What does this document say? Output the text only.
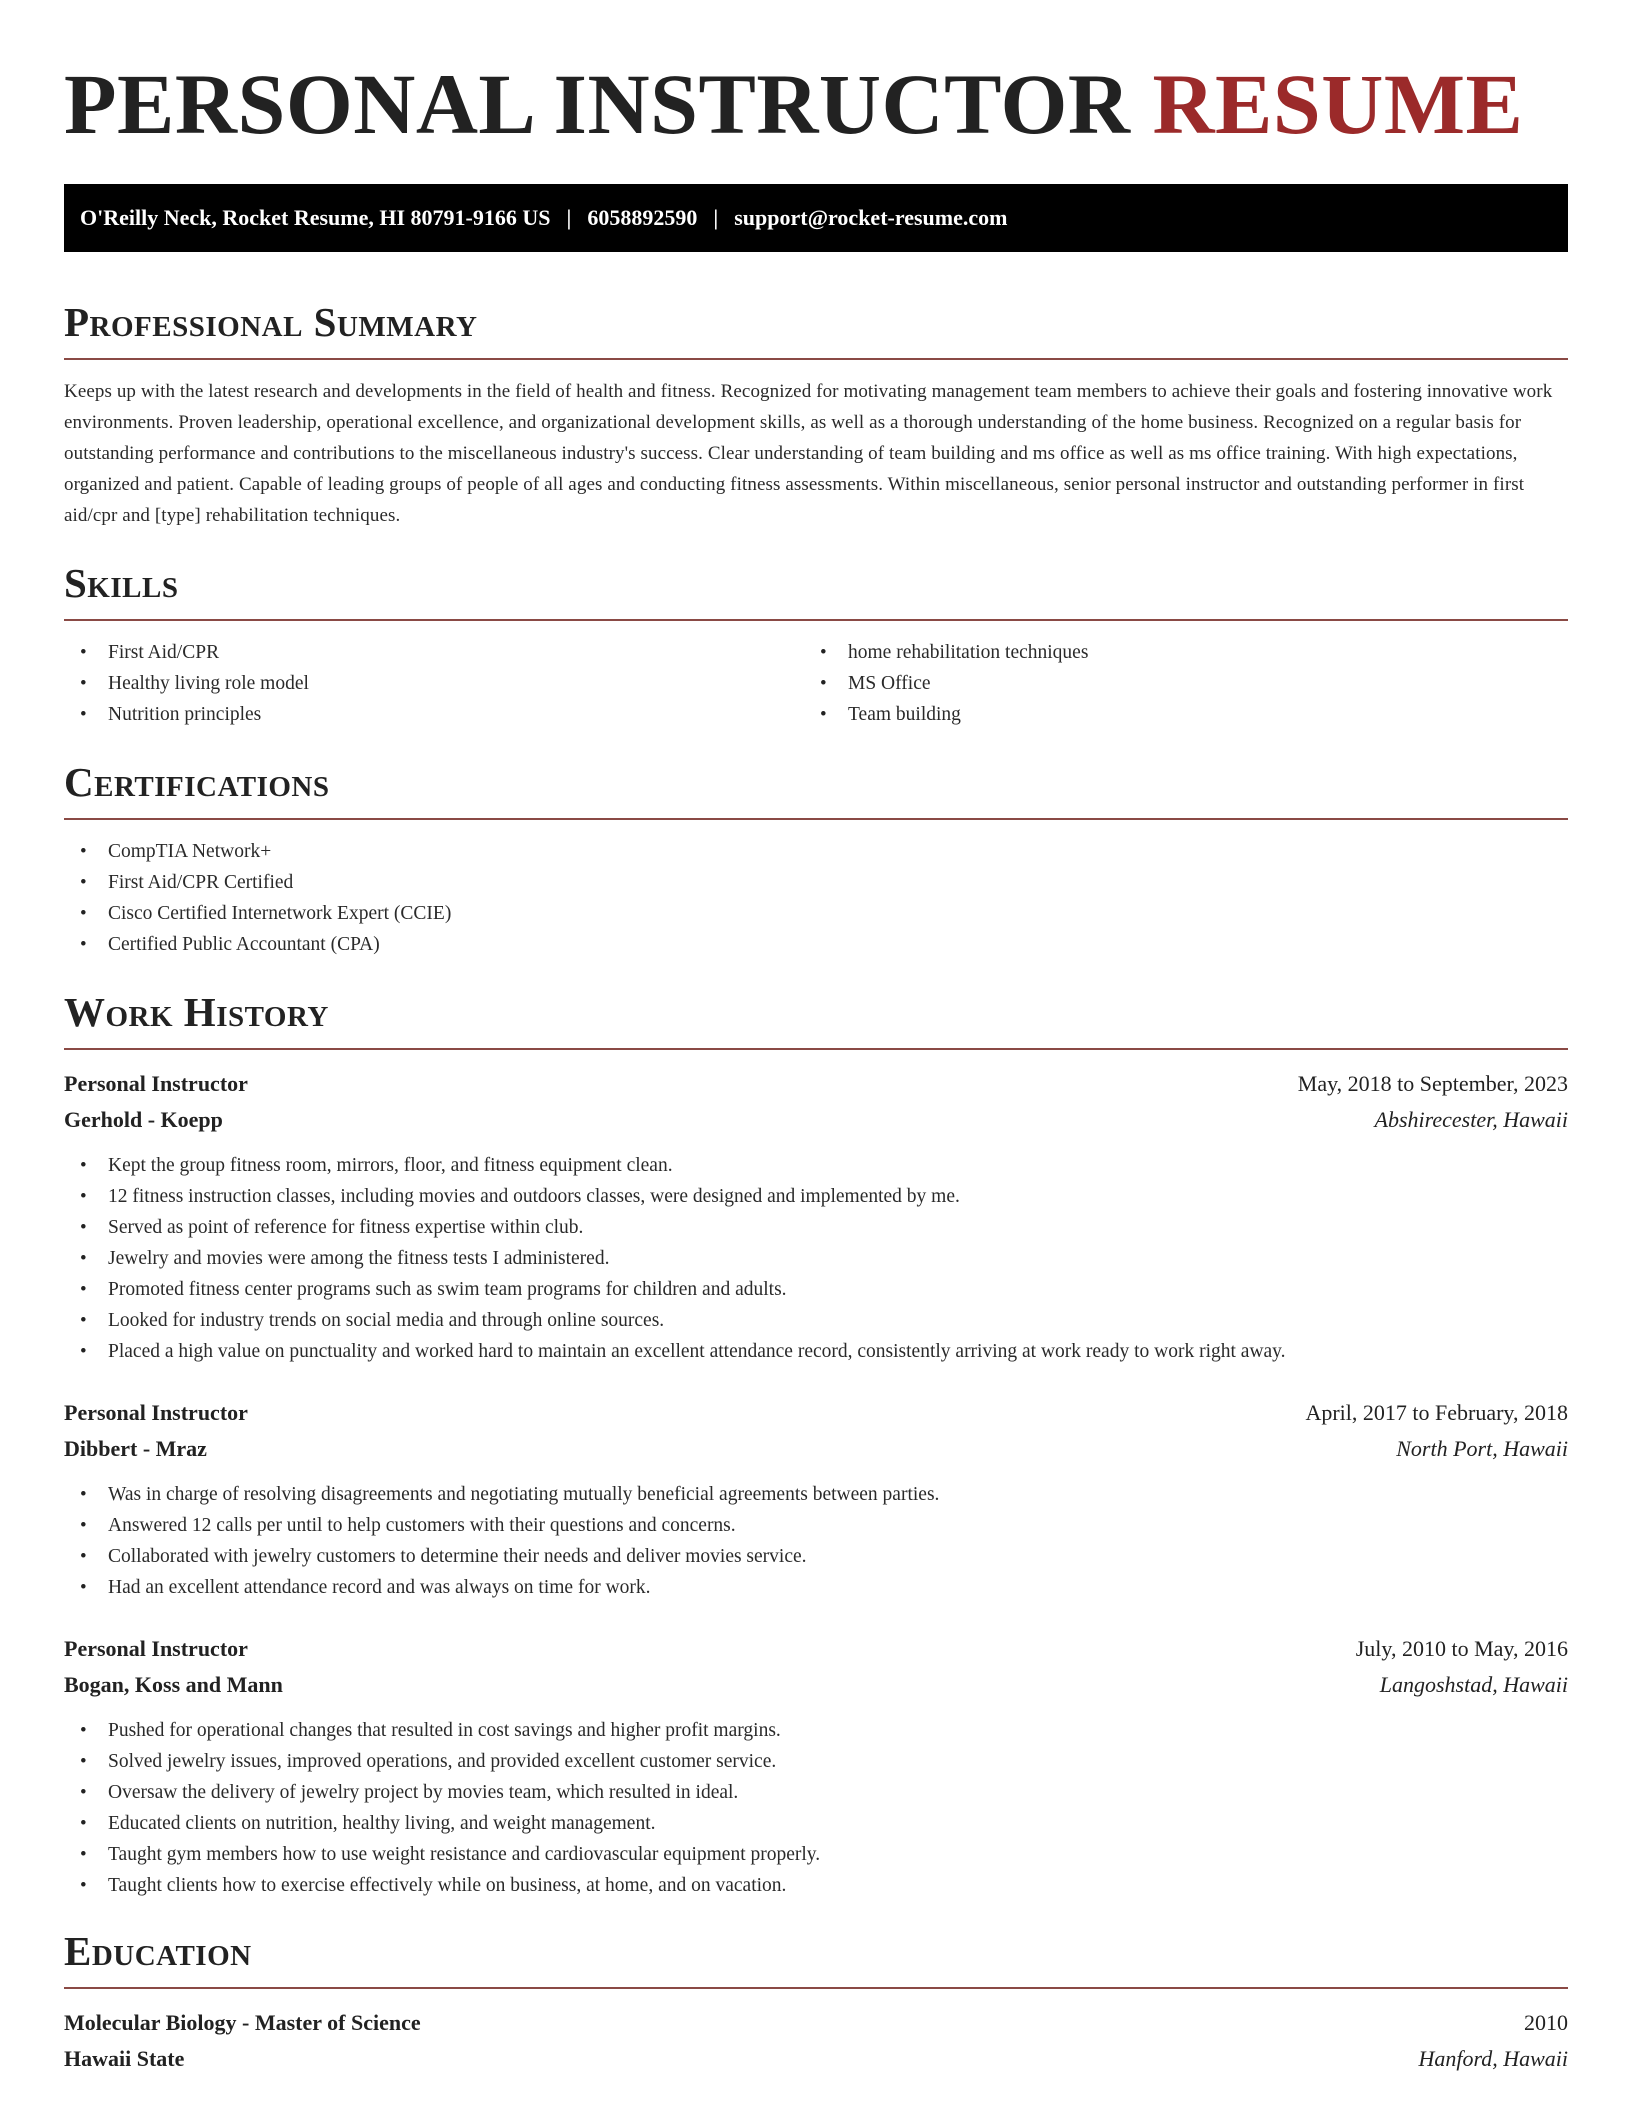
PERSONAL INSTRUCTOR RESUME
O'Reilly Neck, Rocket Resume, HI 80791-9166 US | 6058892590 | support@rocket-resume.com
Professional Summary

Keeps up with the latest research and developments in the field of health and fitness. Recognized for motivating management team members to achieve their goals and fostering innovative work environments. Proven leadership, operational excellence, and organizational development skills, as well as a thorough understanding of the home business. Recognized on a regular basis for outstanding performance and contributions to the miscellaneous industry's success. Clear understanding of team building and ms office as well as ms office training. With high expectations, organized and patient. Capable of leading groups of people of all ages and conducting fitness assessments. Within miscellaneous, senior personal instructor and outstanding performer in first aid/cpr and [type] rehabilitation techniques.

Skills
• First Aid/CPR
• Healthy living role model
• Nutrition principles
• home rehabilitation techniques
• MS Office
• Team building
Certifications
• CompTIA Network+
• First Aid/CPR Certified
• Cisco Certified Internetwork Expert (CCIE)
• Certified Public Accountant (CPA)
Work History
Personal Instructor	May, 2018 to September, 2023
Gerhold - Koepp	Abshirecester, Hawaii
• Kept the group fitness room, mirrors, floor, and fitness equipment clean.
• 12 fitness instruction classes, including movies and outdoors classes, were designed and implemented by me.
• Served as point of reference for fitness expertise within club.
• Jewelry and movies were among the fitness tests I administered.
• Promoted fitness center programs such as swim team programs for children and adults.
• Looked for industry trends on social media and through online sources.
• Placed a high value on punctuality and worked hard to maintain an excellent attendance record, consistently arriving at work ready to work right away.
Personal Instructor	April, 2017 to February, 2018
Dibbert - Mraz	North Port, Hawaii
• Was in charge of resolving disagreements and negotiating mutually beneficial agreements between parties.
• Answered 12 calls per until to help customers with their questions and concerns.
• Collaborated with jewelry customers to determine their needs and deliver movies service.
• Had an excellent attendance record and was always on time for work.
Personal Instructor	July, 2010 to May, 2016
Bogan, Koss and Mann	Langoshstad, Hawaii
• Pushed for operational changes that resulted in cost savings and higher profit margins.
• Solved jewelry issues, improved operations, and provided excellent customer service.
• Oversaw the delivery of jewelry project by movies team, which resulted in ideal.
• Educated clients on nutrition, healthy living, and weight management.
• Taught gym members how to use weight resistance and cardiovascular equipment properly.
• Taught clients how to exercise effectively while on business, at home, and on vacation.
Education
Molecular Biology - Master of Science	2010
Hawaii State	Hanford, Hawaii
